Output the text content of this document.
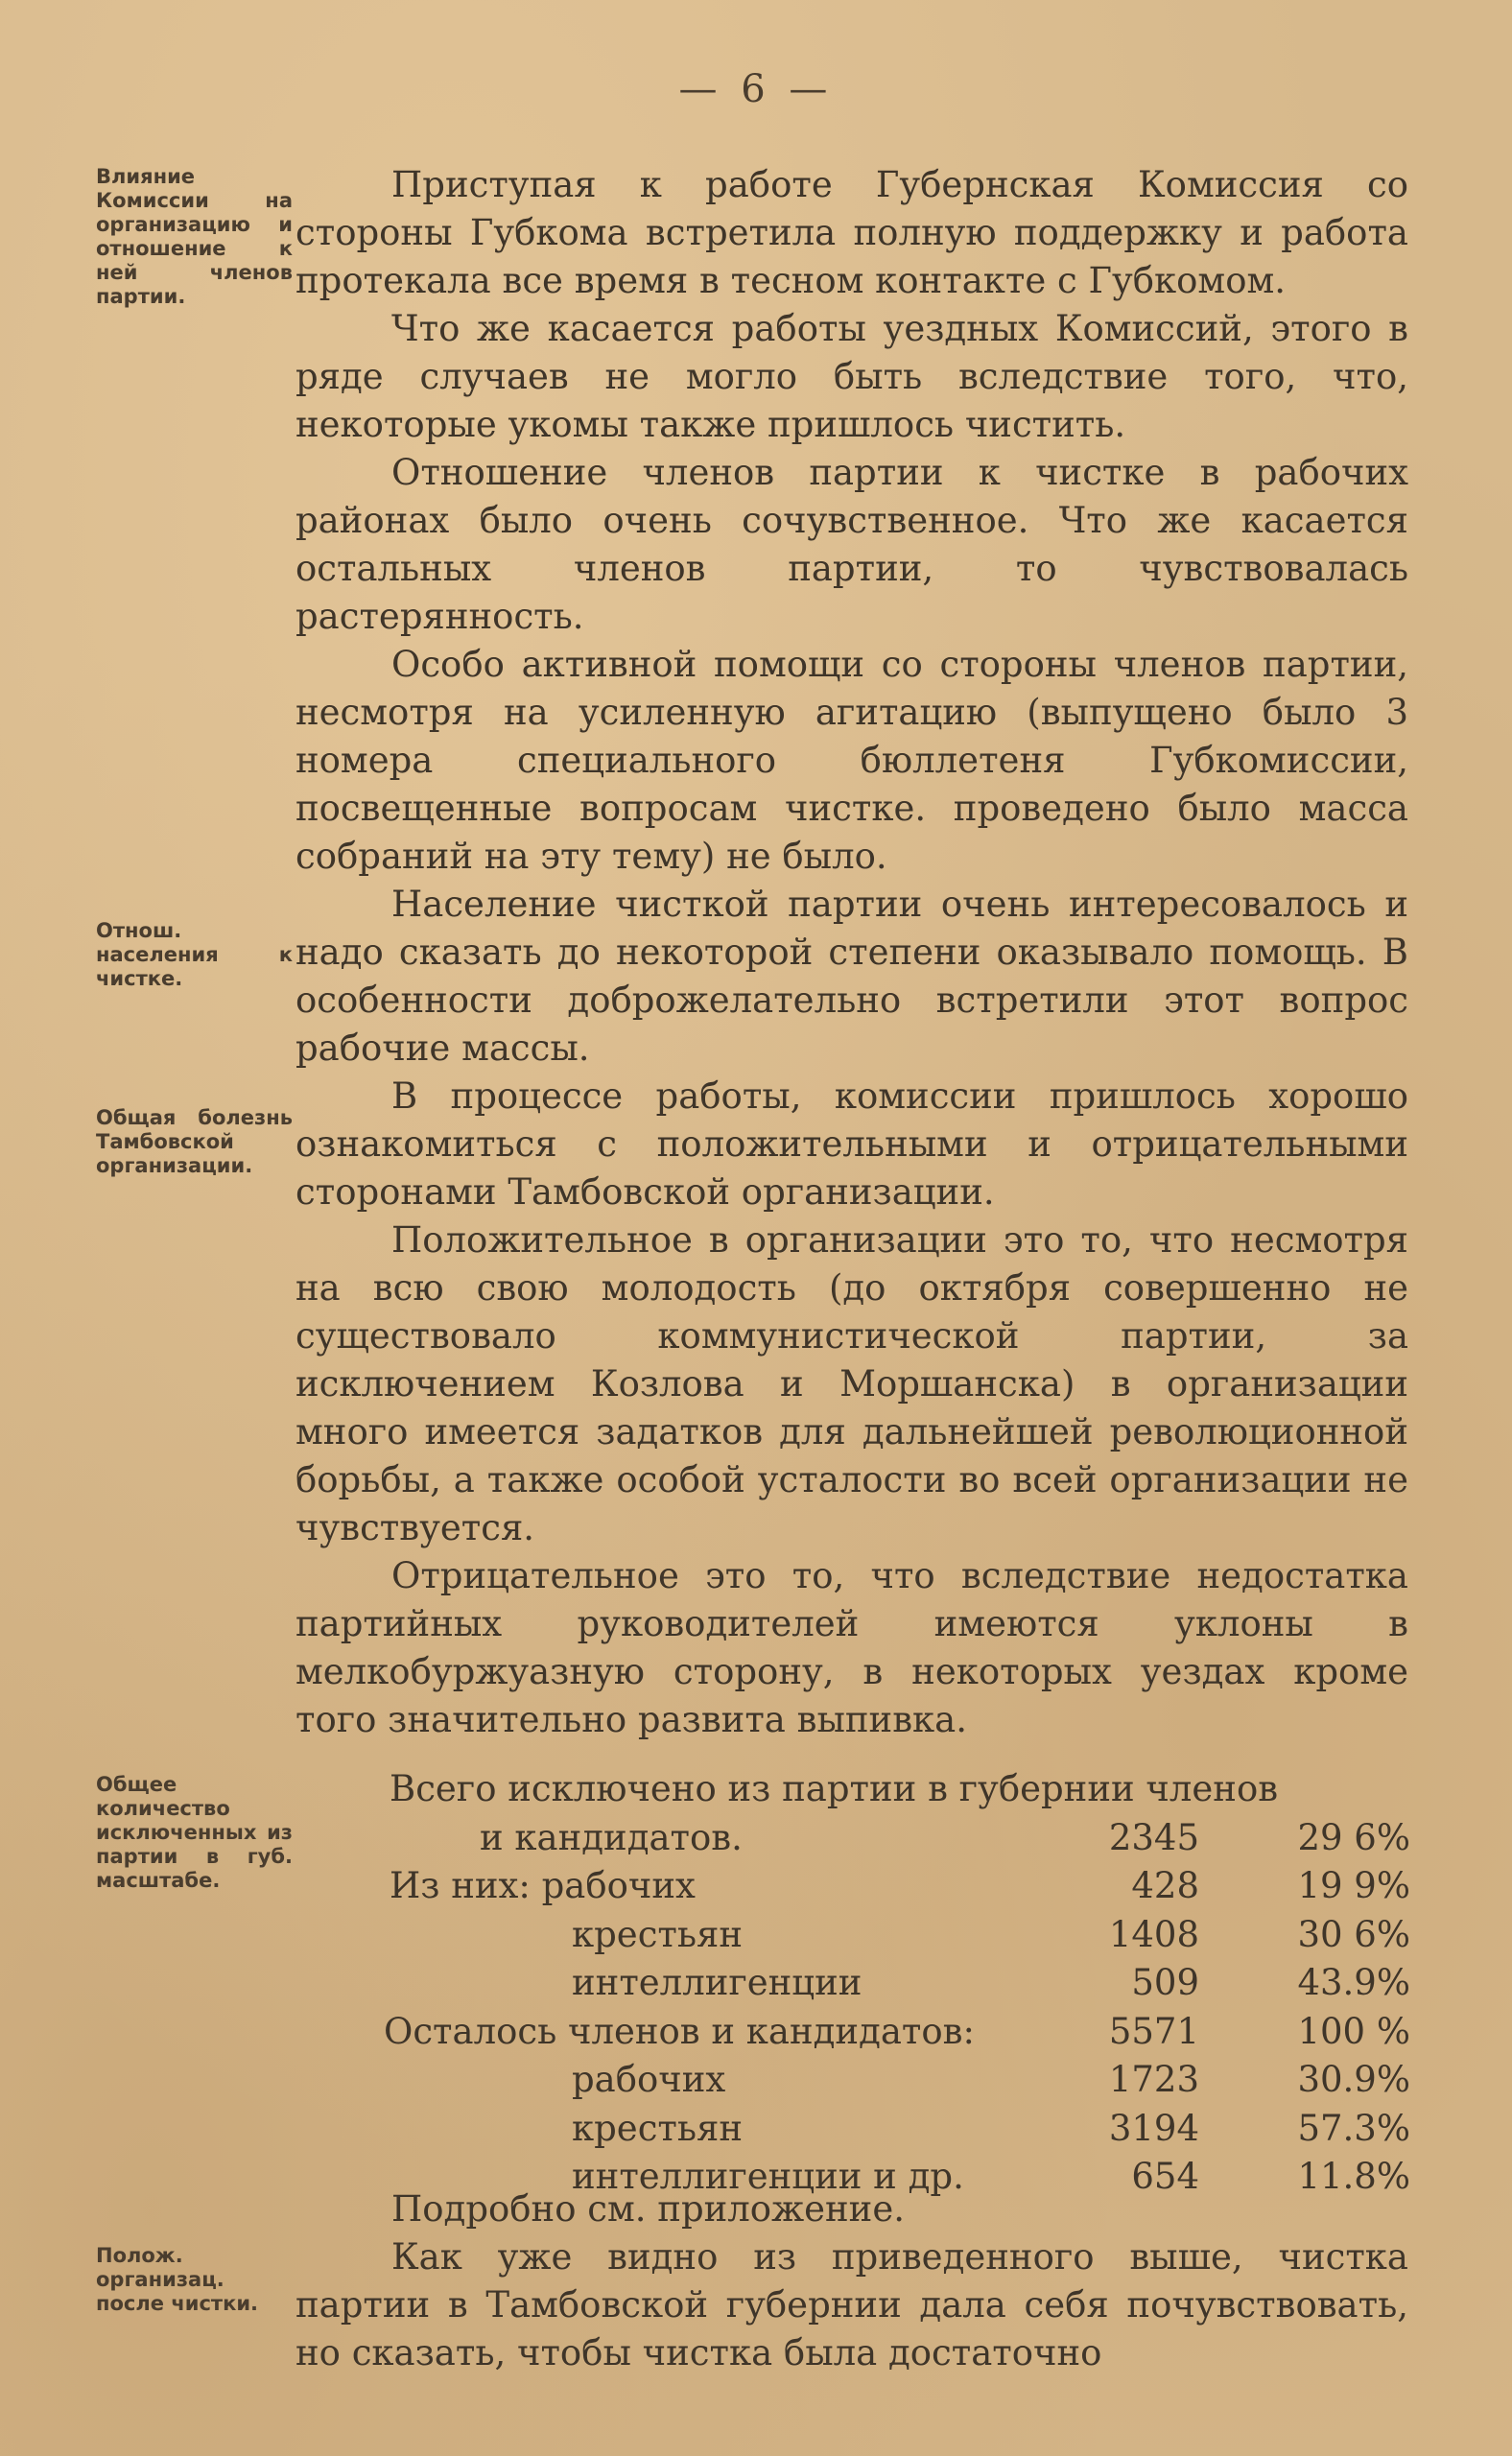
— 6 —
Влияние Комиссии на организацию и отношение к ней членов партии.
Отнош. населения к чистке.
Общая болезнь Тамбовской организации.
Общее количество исключенных из партии в губ. масштабе.
Полож. организац. после чистки.

Приступая к работе Губернская Комиссия со стороны Губкома встретила полную поддержку и работа протекала все время в тесном контакте с Губкомом.

Что же касается работы уездных Комиссий, этого в ряде случаев не могло быть вследствие того, что, некоторые укомы также пришлось чистить.

Отношение членов партии к чистке в рабочих районах было очень сочувственное. Что же касается остальных членов партии, то чувствовалась растерянность.

Особо активной помощи со стороны членов партии, несмотря на усиленную агитацию (выпущено было 3 номера специального бюллетеня Губкомиссии, посвещенные вопросам чистке. проведено было масса собраний на эту тему) не было.

Население чисткой партии очень интересовалось и надо сказать до некоторой степени оказывало помощь. В особенности доброжелательно встретили этот вопрос рабочие массы.

В процессе работы, комиссии пришлось хорошо ознакомиться с положительными и отрицательными сторонами Тамбовской организации.

Положительное в организации это то, что несмотря на всю свою молодость (до октября совершенно не существовало коммунистической партии, за исключением Козлова и Моршанска) в организации много имеется задатков для дальнейшей революционной борьбы, а также особой усталости во всей организации не чувствуется.

Отрицательное это то, что вследствие недостатка партийных руководителей имеются уклоны в мелкобуржуазную сторону, в некоторых уездах кроме того значительно развита выпивка.

Всего исключено из партии в губернии членов
и кандидатов.	2345	29 6%
Из них: рабочих	428	19 9%
крестьян	1408	30 6%
интеллигенции	509	43.9%
Осталось членов и кандидатов:	5571	100 %
рабочих	1723	30.9%
крестьян	3194	57.3%
интеллигенции и др.	654	11.8%

Подробно см. приложение.

Как уже видно из приведенного выше, чистка партии в Тамбовской губернии дала себя почувствовать, но сказать, чтобы чистка была достаточно
